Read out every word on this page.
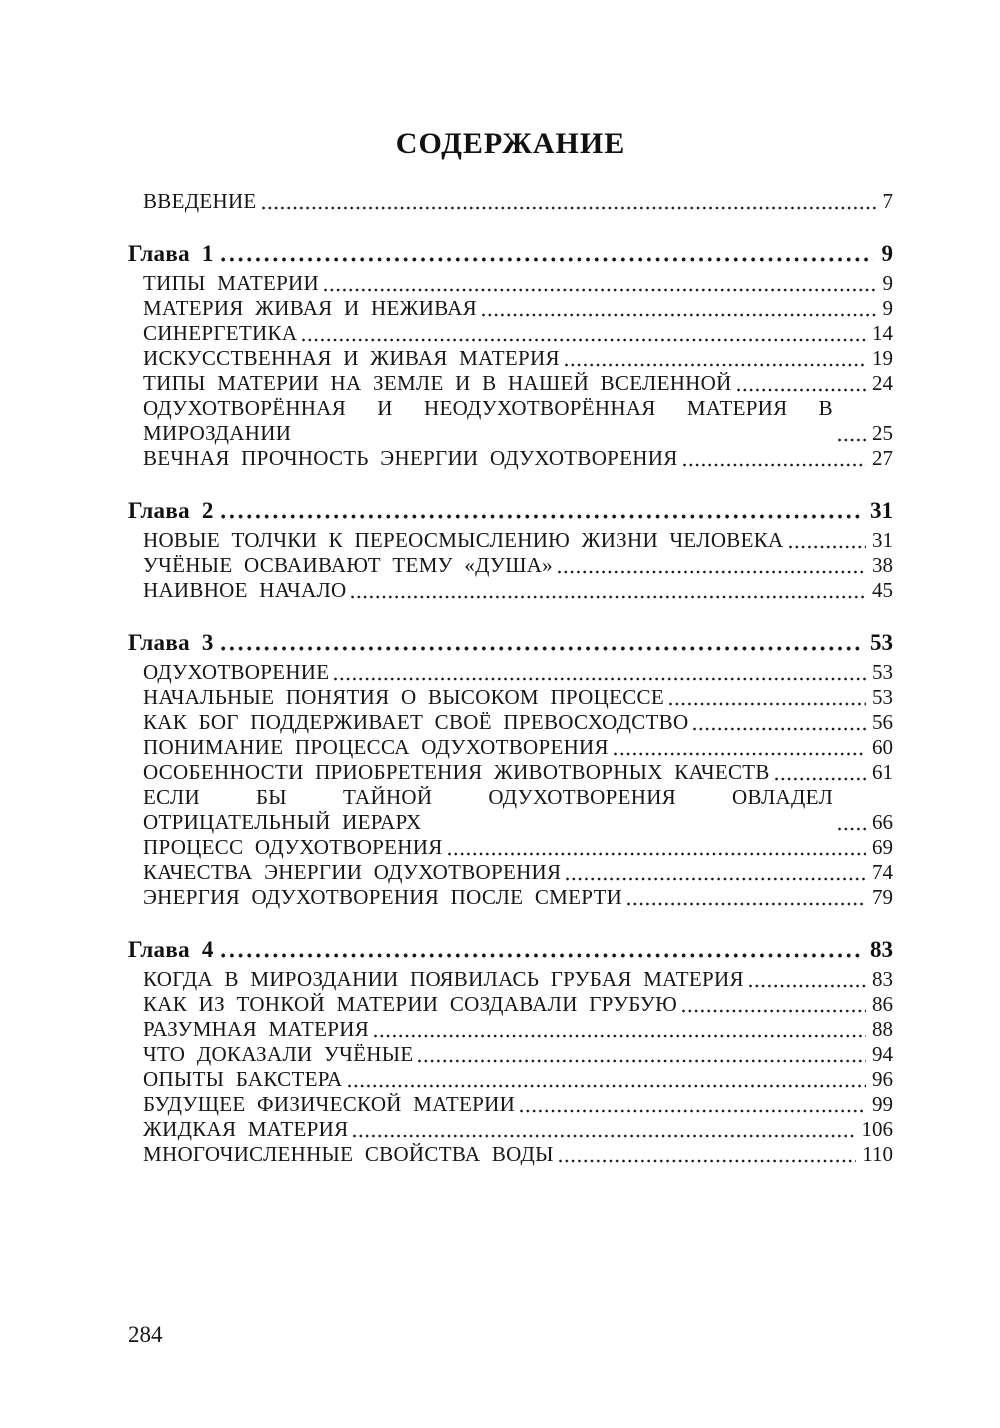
СОДЕРЖАНИЕ
ВВЕДЕНИЕ	7
Глава 1	9
ТИПЫ МАТЕРИИ	9
МАТЕРИЯ ЖИВАЯ И НЕЖИВАЯ	9
СИНЕРГЕТИКА	14
ИСКУССТВЕННАЯ И ЖИВАЯ МАТЕРИЯ	19
ТИПЫ МАТЕРИИ НА ЗЕМЛЕ И В НАШЕЙ ВСЕЛЕННОЙ	24
ОДУХОТВОРЁННАЯ И НЕОДУХОТВОРЁННАЯ МАТЕРИЯ В МИРОЗДАНИИ	25
ВЕЧНАЯ ПРОЧНОСТЬ ЭНЕРГИИ ОДУХОТВОРЕНИЯ	27
Глава 2	31
НОВЫЕ ТОЛЧКИ К ПЕРЕОСМЫСЛЕНИЮ ЖИЗНИ ЧЕЛОВЕКА	31
УЧЁНЫЕ ОСВАИВАЮТ ТЕМУ «ДУША»	38
НАИВНОЕ НАЧАЛО	45
Глава 3	53
ОДУХОТВОРЕНИЕ	53
НАЧАЛЬНЫЕ ПОНЯТИЯ О ВЫСОКОМ ПРОЦЕССЕ	53
КАК БОГ ПОДДЕРЖИВАЕТ СВОЁ ПРЕВОСХОДСТВО	56
ПОНИМАНИЕ ПРОЦЕССА ОДУХОТВОРЕНИЯ	60
ОСОБЕННОСТИ ПРИОБРЕТЕНИЯ ЖИВОТВОРНЫХ КАЧЕСТВ	61
ЕСЛИ БЫ ТАЙНОЙ ОДУХОТВОРЕНИЯ ОВЛАДЕЛ ОТРИЦАТЕЛЬНЫЙ ИЕРАРХ	66
ПРОЦЕСС ОДУХОТВОРЕНИЯ	69
КАЧЕСТВА ЭНЕРГИИ ОДУХОТВОРЕНИЯ	74
ЭНЕРГИЯ ОДУХОТВОРЕНИЯ ПОСЛЕ СМЕРТИ	79
Глава 4	83
КОГДА В МИРОЗДАНИИ ПОЯВИЛАСЬ ГРУБАЯ МАТЕРИЯ	83
КАК ИЗ ТОНКОЙ МАТЕРИИ СОЗДАВАЛИ ГРУБУЮ	86
РАЗУМНАЯ МАТЕРИЯ	88
ЧТО ДОКАЗАЛИ УЧЁНЫЕ	94
ОПЫТЫ БАКСТЕРА	96
БУДУЩЕЕ ФИЗИЧЕСКОЙ МАТЕРИИ	99
ЖИДКАЯ МАТЕРИЯ	106
МНОГОЧИСЛЕННЫЕ СВОЙСТВА ВОДЫ	110
284
